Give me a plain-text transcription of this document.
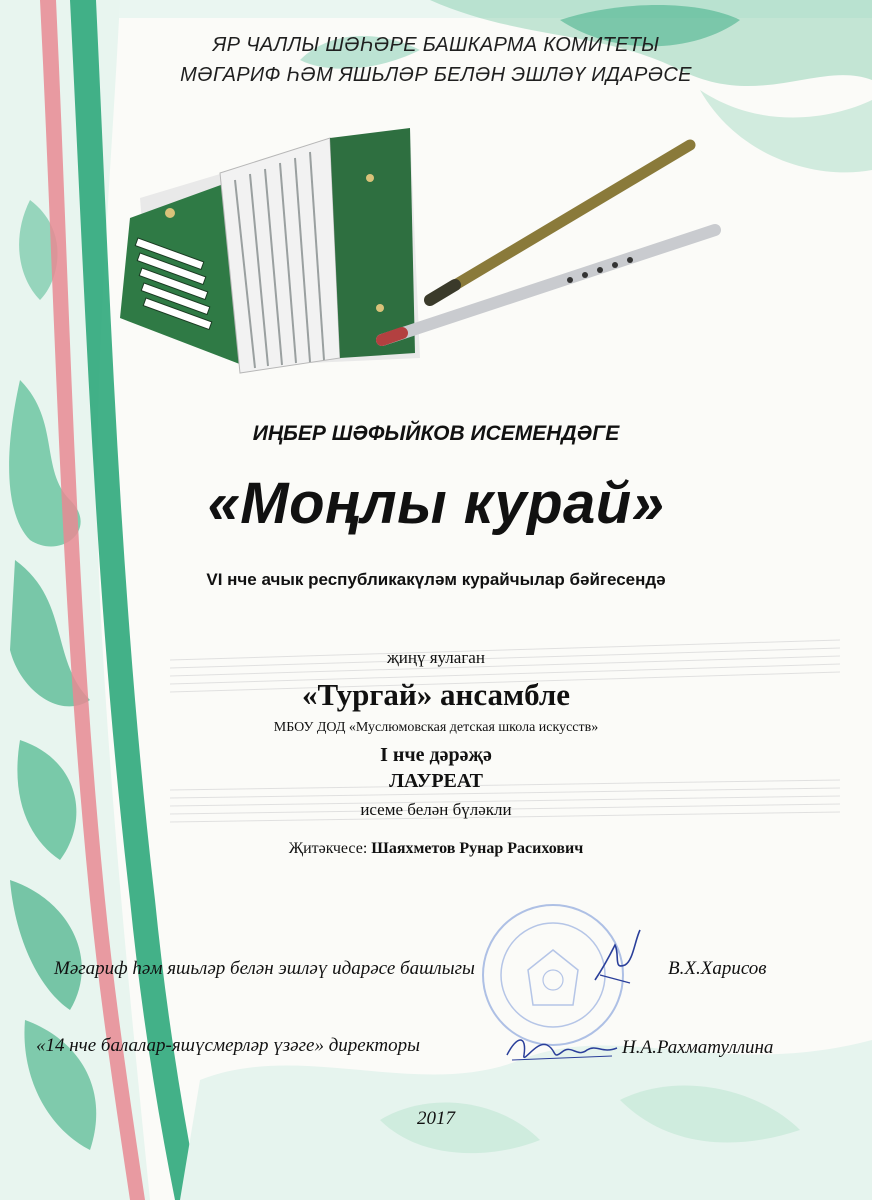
ЯР ЧАЛЛЫ ШӘҺӘРЕ БАШКАРМА КОМИТЕТЫ
МӘГАРИФ ҺӘМ ЯШЬЛӘР БЕЛӘН ЭШЛӘҮ ИДАРӘСЕ
ИҢБЕР ШӘФЫЙКОВ ИСЕМЕНДӘГЕ
«Моңлы курай»
VI нче ачык республикакүләм курайчылар бәйгесендә
җиңү яулаган
«Тургай» ансамбле
МБОУ ДОД «Муслюмовская детская школа искусств»
I нче дәрәҗә
ЛАУРЕАТ
исеме белән бүләкли
Җитәкчесе: Шаяхметов Рунар Расихович
Мәгариф һәм яшьләр белән эшләү идарәсе башлыгы	В.Х.Харисов
«14 нче балалар-яшүсмерләр үзәге» директоры	Н.А.Рахматуллина
2017
